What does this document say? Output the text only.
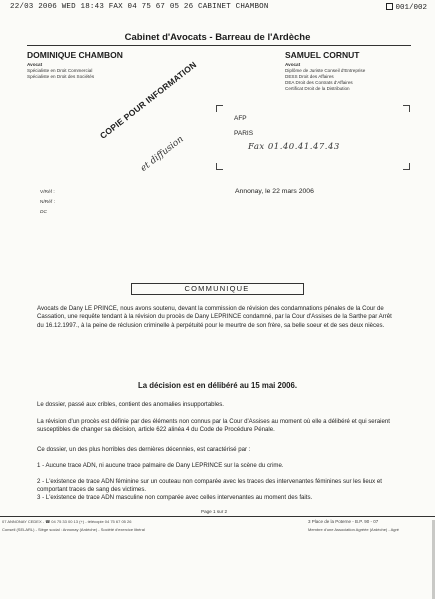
22/03 2006 WED 18:43 FAX 04 75 67 05 26 CABINET CHAMBON	001/002
Cabinet d'Avocats - Barreau de l'Ardèche
DOMINIQUE CHAMBON
Avocat
Spécialiste en Droit Commercial
Spécialiste en Droit des Sociétés
SAMUEL CORNUT
Avocat
Diplôme de Juriste Conseil d'Entreprise
DESS Droit des Affaires
DEA Droit des Contrats d'Affaires
Certificat Droit de la Distribution
COPIE POUR INFORMATION
et diffusion
AFP
PARIS
Fax 01.40.41.47.43
Annonay, le 22 mars 2006
V/Réf :
N/Réf :
DC
COMMUNIQUE
Avocats de Dany LE PRINCE, nous avons soutenu, devant la commission de révision des condamnations pénales de la Cour de Cassation, une requête tendant à la révision du procès de Dany LEPRINCE condamné, par la Cour d'Assises de la Sarthe par Arrêt du 16.12.1997., à la peine de réclusion criminelle à perpétuité pour le meurtre de son frère, sa belle soeur et de ses deux nièces.
La décision est en délibéré au 15 mai 2006.
Le dossier, passé aux cribles, contient des anomalies insupportables.
La révision d'un procès est définie par des éléments non connus par la Cour d'Assises au moment où elle a délibéré et qui seraient susceptibles de changer sa décision, article 622 alinéa 4 du Code de Procédure Pénale.
Ce dossier, un des plus horribles des dernières décennies, est caractérisé par :
1 - Aucune trace ADN, ni aucune trace palmaire de Dany LEPRINCE sur la scène du crime.
2 - L'existence de trace ADN féminine sur un couteau non comparée avec les traces des intervenantes féminines sur les lieux et comportant traces de sang des victimes.
3 - L'existence de trace ADN masculine non comparée avec celles intervenantes au moment des faits.
Page 1 sur 2
07 ANNONAY CEDEX - ☎ 04 75 33 00 13 (+) - télécopie 04 75 67 05 26
Conseil (SELARL) - Siège social : Annonay (Ardèche) - Société d'exercice libéral
3 Place de la Poterne - B.P. 90 - 07
Membre d'une Association Agréée (Ardèche) - Agré
